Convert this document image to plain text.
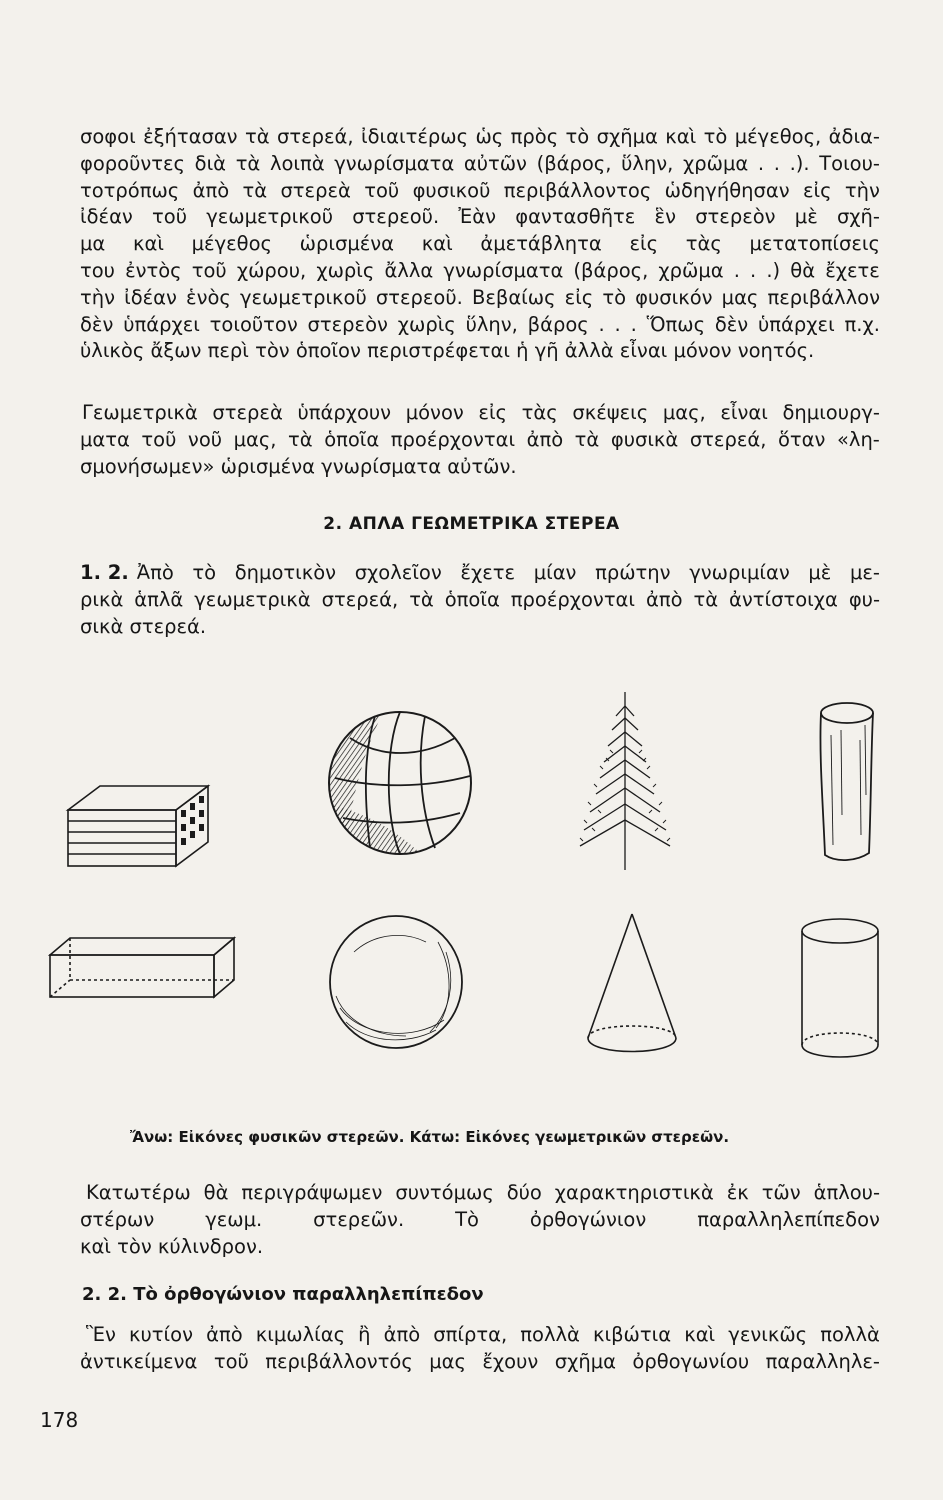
σοφοι ἐξήτασαν τὰ στερεά, ἰδιαιτέρως ὡς πρὸς τὸ σχῆμα καὶ τὸ μέγεθος, ἀδια-
φοροῦντες διὰ τὰ λοιπὰ γνωρίσματα αὐτῶν (βάρος, ὕλην, χρῶμα . . .). Τοιου-
τοτρόπως ἀπὸ τὰ στερεὰ τοῦ φυσικοῦ περιβάλλοντος ὡδηγήθησαν εἰς τὴν
ἰδέαν τοῦ γεωμετρικοῦ στερεοῦ. Ἐὰν φαντασθῆτε ἓν στερεὸν μὲ σχῆ-
μα καὶ μέγεθος ὡρισμένα καὶ ἀμετάβλητα εἰς τὰς μετατοπίσεις
του ἐντὸς τοῦ χώρου, χωρὶς ἄλλα γνωρίσματα (βάρος, χρῶμα . . .) θὰ ἔχετε
τὴν ἰδέαν ἑνὸς γεωμετρικοῦ στερεοῦ. Βεβαίως εἰς τὸ φυσικόν μας περιβάλλον
δὲν ὑπάρχει τοιοῦτον στερεὸν χωρὶς ὕλην, βάρος . . . Ὅπως δὲν ὑπάρχει π.χ.
ὑλικὸς ἄξων περὶ τὸν ὁποῖον περιστρέφεται ἡ γῆ ἀλλὰ εἶναι μόνον νοητός.
Γεωμετρικὰ στερεὰ ὑπάρχουν μόνον εἰς τὰς σκέψεις μας, εἶναι δημιουργ-
ματα τοῦ νοῦ μας, τὰ ὁποῖα προέρχονται ἀπὸ τὰ φυσικὰ στερεά, ὅταν «λη-
σμονήσωμεν» ὡρισμένα γνωρίσματα αὐτῶν.
2. ΑΠΛΑ ΓΕΩΜΕΤΡΙΚΑ ΣΤΕΡΕΑ
1. 2. Ἀπὸ τὸ δημοτικὸν σχολεῖον ἔχετε μίαν πρώτην γνωριμίαν μὲ με-
ρικὰ ἁπλᾶ γεωμετρικὰ στερεά, τὰ ὁποῖα προέρχονται ἀπὸ τὰ ἀντίστοιχα φυ-
σικὰ στερεά.
Ἄνω: Εἰκόνες φυσικῶν στερεῶν. Κάτω: Εἰκόνες γεωμετρικῶν στερεῶν.
Κατωτέρω θὰ περιγράψωμεν συντόμως δύο χαρακτηριστικὰ ἐκ τῶν ἁπλου-
στέρων	γεωμ.	στερεῶν.	Τὸ	ὀρθογώνιον	παραλληλεπίπεδον
καὶ τὸν κύλινδρον.
2. 2. Τὸ ὀρθογώνιον παραλληλεπίπεδον
Ἓν κυτίον ἀπὸ κιμωλίας ἢ ἀπὸ σπίρτα, πολλὰ κιβώτια καὶ γενικῶς πολλὰ
ἀντικείμενα τοῦ περιβάλλοντός μας ἔχουν σχῆμα ὀρθογωνίου παραλληλε-
178
